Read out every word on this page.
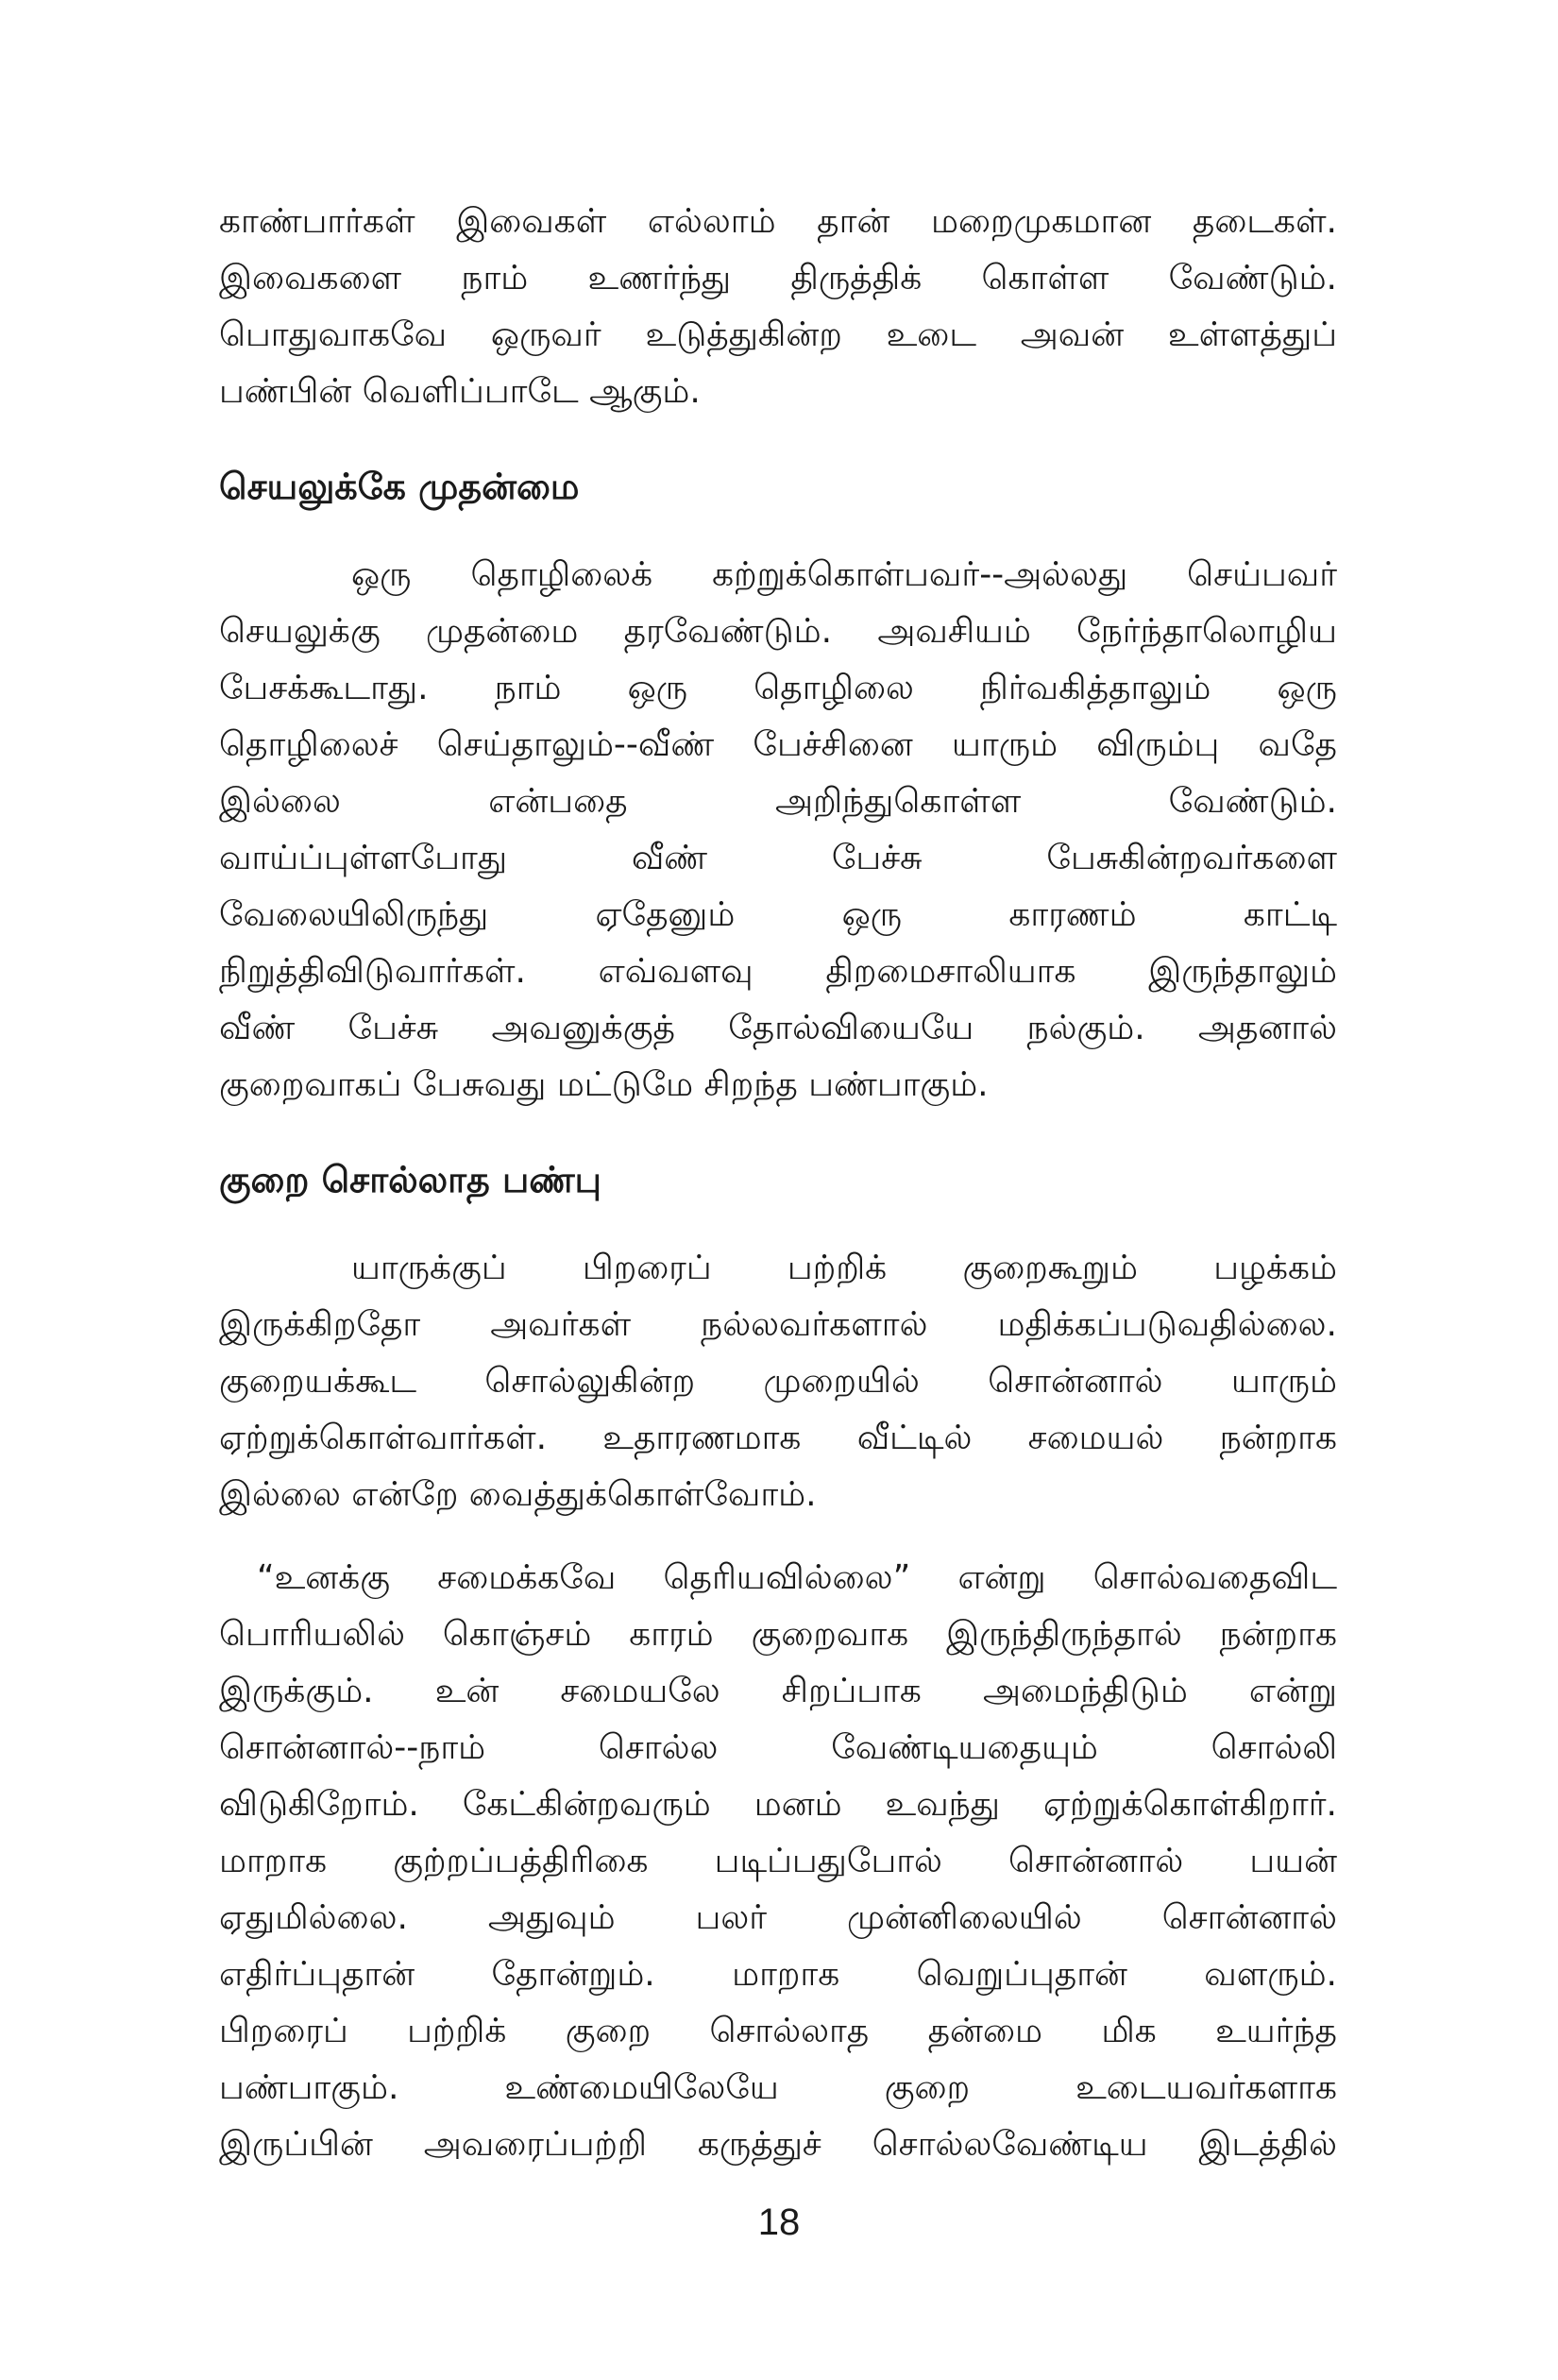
காண்பார்கள் இவைகள் எல்லாம் தான் மறைமுகமான தடைகள்.
இவைகளை நாம் உணர்ந்து திருத்திக் கொள்ள வேண்டும்.
பொதுவாகவே ஒருவர் உடுத்துகின்ற உடை அவன் உள்ளத்துப்
பண்பின் வெளிப்பாடே ஆகும்.
செயலுக்கே முதன்மை
ஒரு தொழிலைக் கற்றுக்கொள்பவர்--அல்லது செய்பவர்
செயலுக்கு முதன்மை தரவேண்டும். அவசியம் நேர்ந்தாலொழிய
பேசக்கூடாது. நாம் ஒரு தொழிலை நிர்வகித்தாலும் ஒரு
தொழிலைச் செய்தாலும்--வீண் பேச்சினை யாரும் விரும்பு வதே
இல்லை என்பதை அறிந்துகொள்ள வேண்டும்.
வாய்ப்புள்ளபோது வீண் பேச்சு பேசுகின்றவர்களை
வேலையிலிருந்து ஏதேனும் ஒரு காரணம் காட்டி
நிறுத்திவிடுவார்கள். எவ்வளவு திறமைசாலியாக இருந்தாலும்
வீண் பேச்சு அவனுக்குத் தோல்வியையே நல்கும். அதனால்
குறைவாகப் பேசுவது மட்டுமே சிறந்த பண்பாகும்.
குறை சொல்லாத பண்பு
யாருக்குப் பிறரைப் பற்றிக் குறைகூறும் பழக்கம்
இருக்கிறதோ அவர்கள் நல்லவர்களால் மதிக்கப்படுவதில்லை.
குறையக்கூட சொல்லுகின்ற முறையில் சொன்னால் யாரும்
ஏற்றுக்கொள்வார்கள். உதாரணமாக வீட்டில் சமையல் நன்றாக
இல்லை என்றே வைத்துக்கொள்வோம்.
“உனக்கு சமைக்கவே தெரியவில்லை” என்று சொல்வதைவிட
பொரியலில் கொஞ்சம் காரம் குறைவாக இருந்திருந்தால் நன்றாக
இருக்கும். உன் சமையலே சிறப்பாக அமைந்திடும் என்று
சொன்னால்--நாம் சொல்ல வேண்டியதையும் சொல்லி
விடுகிறோம். கேட்கின்றவரும் மனம் உவந்து ஏற்றுக்கொள்கிறார்.
மாறாக குற்றப்பத்திரிகை படிப்பதுபோல் சொன்னால் பயன்
ஏதுமில்லை. அதுவும் பலர் முன்னிலையில் சொன்னால்
எதிர்ப்புதான் தோன்றும். மாறாக வெறுப்புதான் வளரும்.
பிறரைப் பற்றிக் குறை சொல்லாத தன்மை மிக உயர்ந்த
பண்பாகும். உண்மையிலேயே குறை உடையவர்களாக
இருப்பின் அவரைப்பற்றி கருத்துச் சொல்லவேண்டிய இடத்தில்
18
